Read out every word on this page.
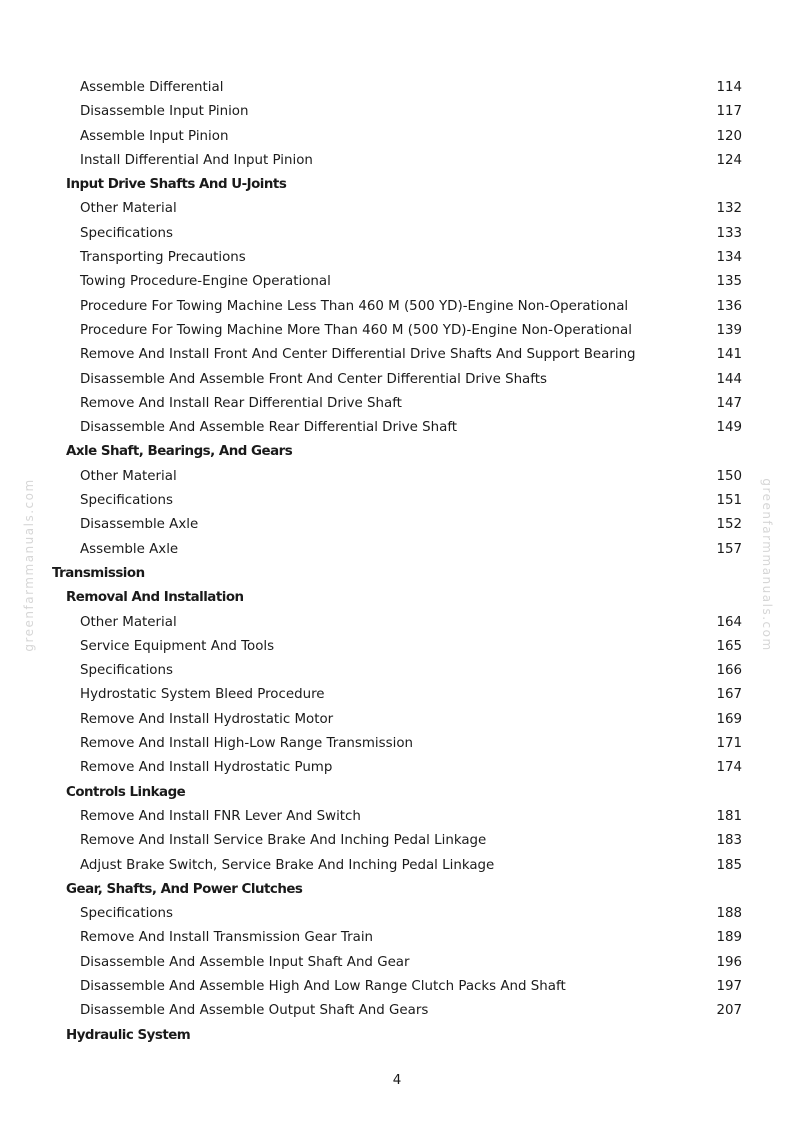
greenfarmmanuals.com	greenfarmmanuals.com
Assemble Differential	114
Disassemble Input Pinion	117
Assemble Input Pinion	120
Install Differential And Input Pinion	124
Input Drive Shafts And U-Joints
Other Material	132
Specifications	133
Transporting Precautions	134
Towing Procedure-Engine Operational	135
Procedure For Towing Machine Less Than 460 M (500 YD)-Engine Non-Operational	136
Procedure For Towing Machine More Than 460 M (500 YD)-Engine Non-Operational	139
Remove And Install Front And Center Differential Drive Shafts And Support Bearing	141
Disassemble And Assemble Front And Center Differential Drive Shafts	144
Remove And Install Rear Differential Drive Shaft	147
Disassemble And Assemble Rear Differential Drive Shaft	149
Axle Shaft, Bearings, And Gears
Other Material	150
Specifications	151
Disassemble Axle	152
Assemble Axle	157
Transmission
Removal And Installation
Other Material	164
Service Equipment And Tools	165
Specifications	166
Hydrostatic System Bleed Procedure	167
Remove And Install Hydrostatic Motor	169
Remove And Install High-Low Range Transmission	171
Remove And Install Hydrostatic Pump	174
Controls Linkage
Remove And Install FNR Lever And Switch	181
Remove And Install Service Brake And Inching Pedal Linkage	183
Adjust Brake Switch, Service Brake And Inching Pedal Linkage	185
Gear, Shafts, And Power Clutches
Specifications	188
Remove And Install Transmission Gear Train	189
Disassemble And Assemble Input Shaft And Gear	196
Disassemble And Assemble High And Low Range Clutch Packs And Shaft	197
Disassemble And Assemble Output Shaft And Gears	207
Hydraulic System
4
